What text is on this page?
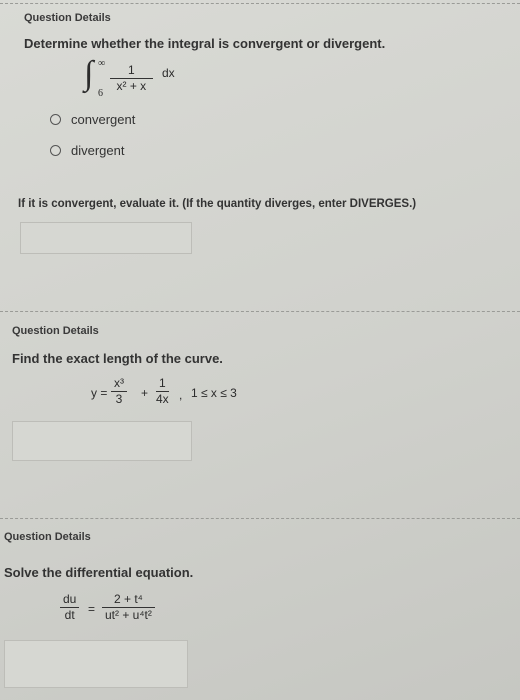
Question Details
Determine whether the integral is convergent or divergent.
∫ ∞
$6 \frac{1}{\text{x² + x}}$ dx
convergent
divergent
If it is convergent, evaluate it. (If the quantity diverges, enter DIVERGES.)
Question Details
Find the exact length of the curve.
$y = \frac{\text{x³}}{3} + \frac{1}{4x}$ , 1 ≤ x ≤ 3
Question Details
Solve the differential equation.
$\frac{du}{dt} = \frac{\text{2 + t⁴}}{\text{ut² + u⁴t²}}$
